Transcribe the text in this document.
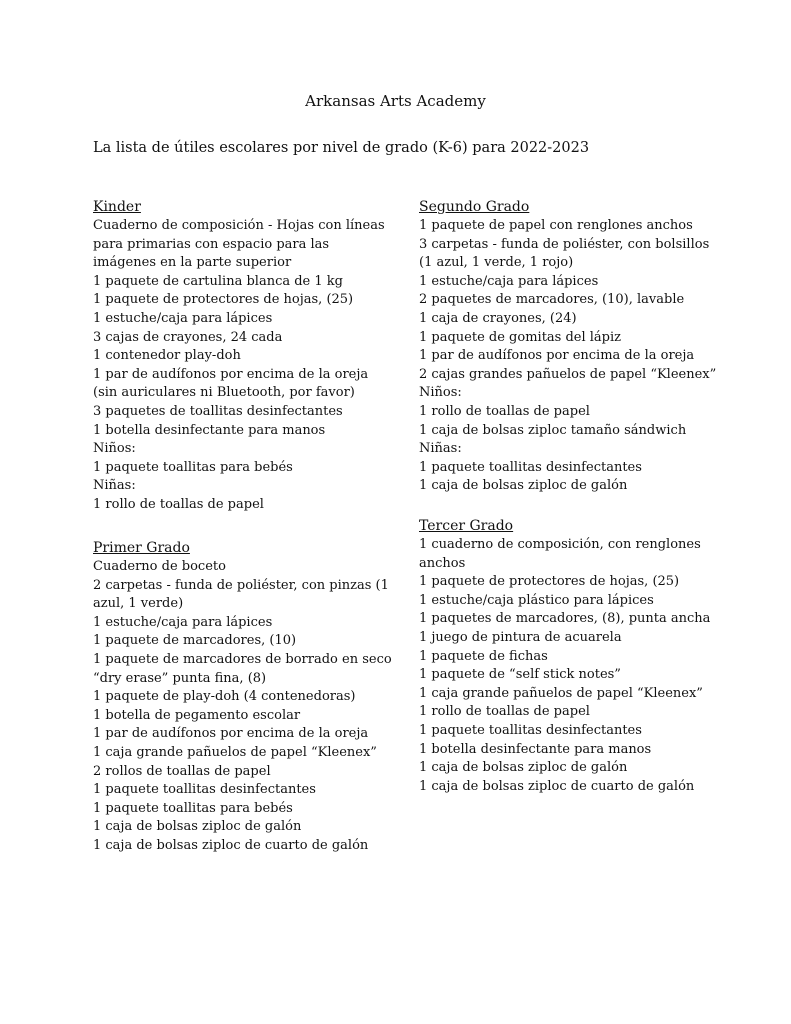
Arkansas Arts Academy
La lista de útiles escolares por nivel de grado (K-6) para 2022-2023
Kinder
Cuaderno de composición - Hojas con líneas
para primarias con espacio para las
imágenes en la parte superior
1 paquete de cartulina blanca de 1 kg
1 paquete de protectores de hojas, (25)
1 estuche/caja para lápices
3 cajas de crayones, 24 cada
1 contenedor play-doh
1 par de audífonos por encima de la oreja
(sin auriculares ni Bluetooth, por favor)
3 paquetes de toallitas desinfectantes
1 botella desinfectante para manos
Niños:
1 paquete toallitas para bebés
Niñas:
1 rollo de toallas de papel
Primer Grado
Cuaderno de boceto
2 carpetas - funda de poliéster, con pinzas (1
azul, 1 verde)
1 estuche/caja para lápices
1 paquete de marcadores, (10)
1 paquete de marcadores de borrado en seco
“dry erase” punta fina, (8)
1 paquete de play-doh (4 contenedoras)
1 botella de pegamento escolar
1 par de audífonos por encima de la oreja
1 caja grande pañuelos de papel “Kleenex”
2 rollos de toallas de papel
1 paquete toallitas desinfectantes
1 paquete toallitas para bebés
1 caja de bolsas ziploc de galón
1 caja de bolsas ziploc de cuarto de galón
Segundo Grado
1 paquete de papel con renglones anchos
3 carpetas - funda de poliéster, con bolsillos
(1 azul, 1 verde, 1 rojo)
1 estuche/caja para lápices
2 paquetes de marcadores, (10), lavable
1 caja de crayones, (24)
1 paquete de gomitas del lápiz
1 par de audífonos por encima de la oreja
2 cajas grandes pañuelos de papel “Kleenex”
Niños:
1 rollo de toallas de papel
1 caja de bolsas ziploc tamaño sándwich
Niñas:
1 paquete toallitas desinfectantes
1 caja de bolsas ziploc de galón
Tercer Grado
1 cuaderno de composición, con renglones
anchos
1 paquete de protectores de hojas, (25)
1 estuche/caja plástico para lápices
1 paquetes de marcadores, (8), punta ancha
1 juego de pintura de acuarela
1 paquete de fichas
1 paquete de “self stick notes”
1 caja grande pañuelos de papel “Kleenex”
1 rollo de toallas de papel
1 paquete toallitas desinfectantes
1 botella desinfectante para manos
1 caja de bolsas ziploc de galón
1 caja de bolsas ziploc de cuarto de galón
